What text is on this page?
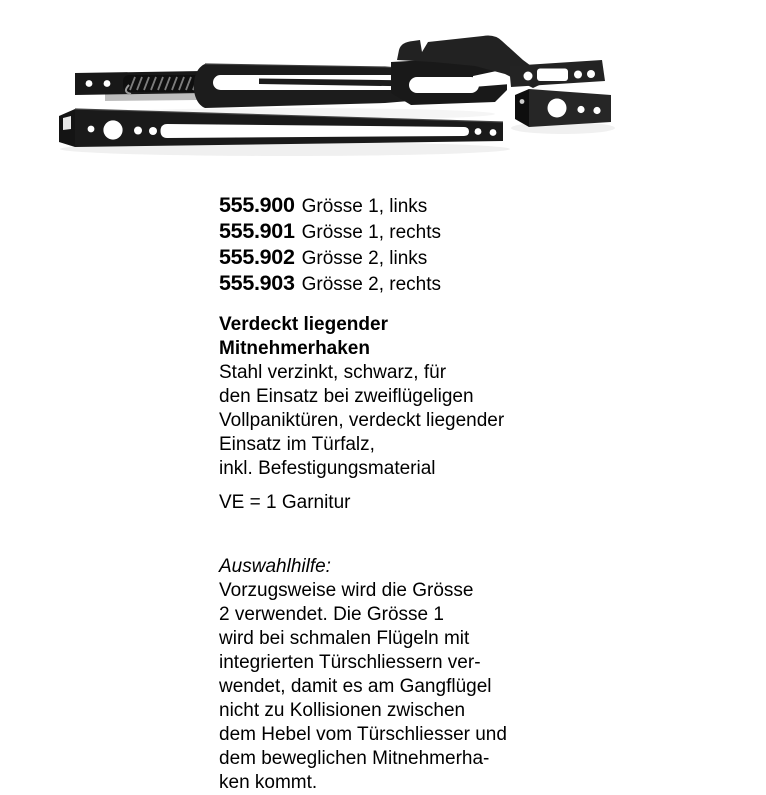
555.900 Grösse 1, links
555.901 Grösse 1, rechts
555.902 Grösse 2, links
555.903 Grösse 2, rechts
Verdeckt liegender
Mitnehmerhaken
Stahl verzinkt, schwarz, für
den Einsatz bei zweiflügeligen
Vollpaniktüren, verdeckt liegender
Einsatz im Türfalz,
inkl. Befestigungsmaterial
VE = 1 Garnitur
Auswahlhilfe:
Vorzugsweise wird die Grösse
2 verwendet. Die Grösse 1
wird bei schmalen Flügeln mit
integrierten Türschliessern ver-
wendet, damit es am Gangflügel
nicht zu Kollisionen zwischen
dem Hebel vom Türschliesser und
dem beweglichen Mitnehmerha-
ken kommt.
